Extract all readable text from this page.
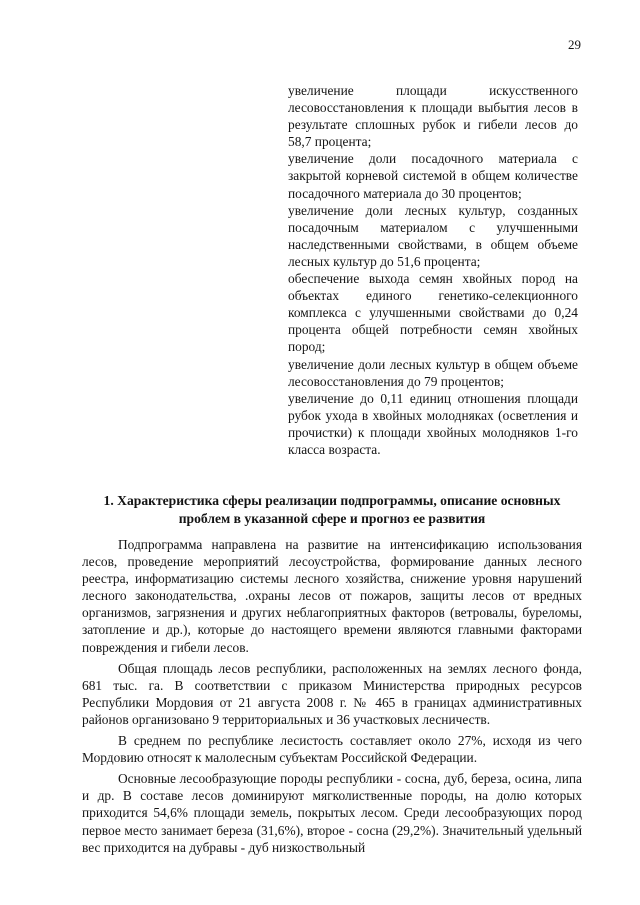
29

увеличение площади искусственного лесовосстановления к площади выбытия лесов в результате сплошных рубок и гибели лесов до 58,7 процента;

увеличение доли посадочного материала с закрытой корневой системой в общем количестве посадочного материала до 30 процентов;

увеличение доли лесных культур, созданных посадочным материалом с улучшенными наследственными свойствами, в общем объеме лесных культур до 51,6 процента;

обеспечение выхода семян хвойных пород на объектах единого генетико-селекционного комплекса с улучшенными свойствами до 0,24 процента общей потребности семян хвойных пород;

увеличение доли лесных культур в общем объеме лесовосстановления до 79 процентов;

увеличение до 0,11 единиц отношения площади рубок ухода в хвойных молодняках (осветления и прочистки) к площади хвойных молодняков 1-го класса возраста.

1. Характеристика сферы реализации подпрограммы, описание основных проблем в указанной сфере и прогноз ее развития

Подпрограмма направлена на развитие на интенсификацию использования лесов, проведение мероприятий лесоустройства, формирование данных лесного реестра, информатизацию системы лесного хозяйства, снижение уровня нарушений лесного законодательства, .охраны лесов от пожаров, защиты лесов от вредных организмов, загрязнения и других неблагоприятных факторов (ветровалы, буреломы, затопление и др.), которые до настоящего времени являются главными факторами повреждения и гибели лесов.

Общая площадь лесов республики, расположенных на землях лесного фонда, 681 тыс. га. В соответствии с приказом Министерства природных ресурсов Республики Мордовия от 21 августа 2008 г. № 465 в границах административных районов организовано 9 территориальных и 36 участковых лесничеств.

В среднем по республике лесистость составляет около 27%, исходя из чего Мордовию относят к малолесным субъектам Российской Федерации.

Основные лесообразующие породы республики - сосна, дуб, береза, осина, липа и др. В составе лесов доминируют мягколиственные породы, на долю которых приходится 54,6% площади земель, покрытых лесом. Среди лесообразующих пород первое место занимает береза (31,6%), второе - сосна (29,2%). Значительный удельный вес приходится на дубравы - дуб низкоствольный
